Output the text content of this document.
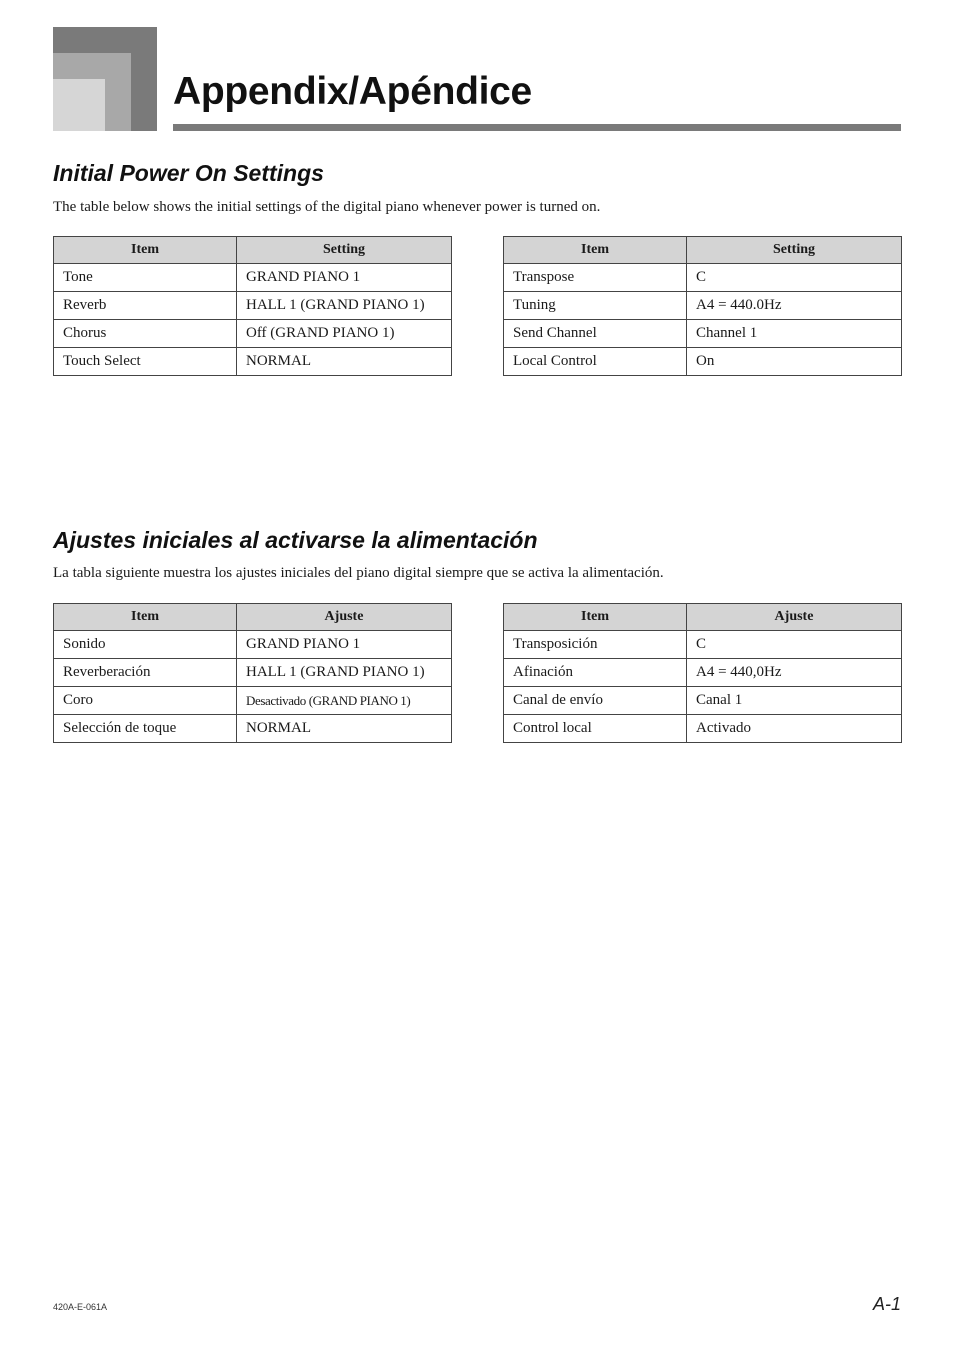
Appendix/Apéndice
Initial Power On Settings

The table below shows the initial settings of the digital piano whenever power is turned on.

Item	Setting
Tone	GRAND PIANO 1
Reverb	HALL 1 (GRAND PIANO 1)
Chorus	Off (GRAND PIANO 1)
Touch Select	NORMAL
Item	Setting
Transpose	C
Tuning	A4 = 440.0Hz
Send Channel	Channel 1
Local Control	On
Ajustes iniciales al activarse la alimentación

La tabla siguiente muestra los ajustes iniciales del piano digital siempre que se activa la alimentación.

Item	Ajuste
Sonido	GRAND PIANO 1
Reverberación	HALL 1 (GRAND PIANO 1)
Coro	Desactivado (GRAND PIANO 1)
Selección de toque	NORMAL
Item	Ajuste
Transposición	C
Afinación	A4 = 440,0Hz
Canal de envío	Canal 1
Control local	Activado
420A-E-061A	A-1
